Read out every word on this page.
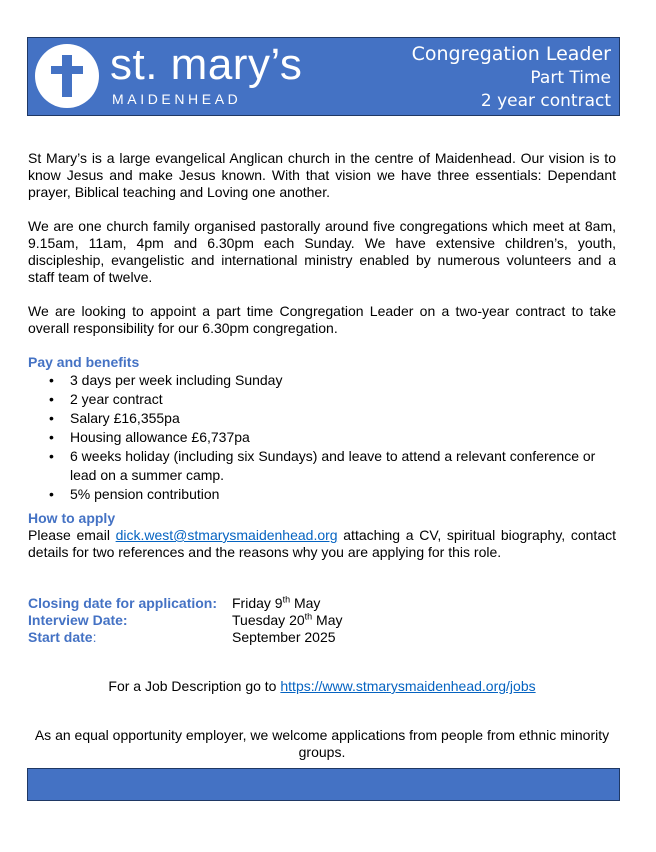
st. mary’s
MAIDENHEAD
Congregation Leader
Part Time
2 year contract

St Mary’s is a large evangelical Anglican church in the centre of Maidenhead. Our vision is to know Jesus and make Jesus known. With that vision we have three essentials: Dependant prayer, Biblical teaching and Loving one another.

We are one church family organised pastorally around five congregations which meet at 8am, 9.15am, 11am, 4pm and 6.30pm each Sunday. We have extensive children’s, youth, discipleship, evangelistic and international ministry enabled by numerous volunteers and a staff team of twelve.

We are looking to appoint a part time Congregation Leader on a two-year contract to take overall responsibility for our 6.30pm congregation.

Pay and benefits
• 3 days per week including Sunday
• 2 year contract
• Salary £16,355pa
• Housing allowance £6,737pa
• 6 weeks holiday (including six Sundays) and leave to attend a relevant conference or lead on a summer camp.
• 5% pension contribution
How to apply

Please email dick.west@stmarysmaidenhead.org attaching a CV, spiritual biography, contact details for two references and the reasons why you are applying for this role.

Closing date for application: Friday 9th May
Interview Date:	Tuesday 20th May
Start date:	September 2025
For a Job Description go to https://www.stmarysmaidenhead.org/jobs
As an equal opportunity employer, we welcome applications from people from ethnic minority groups.
